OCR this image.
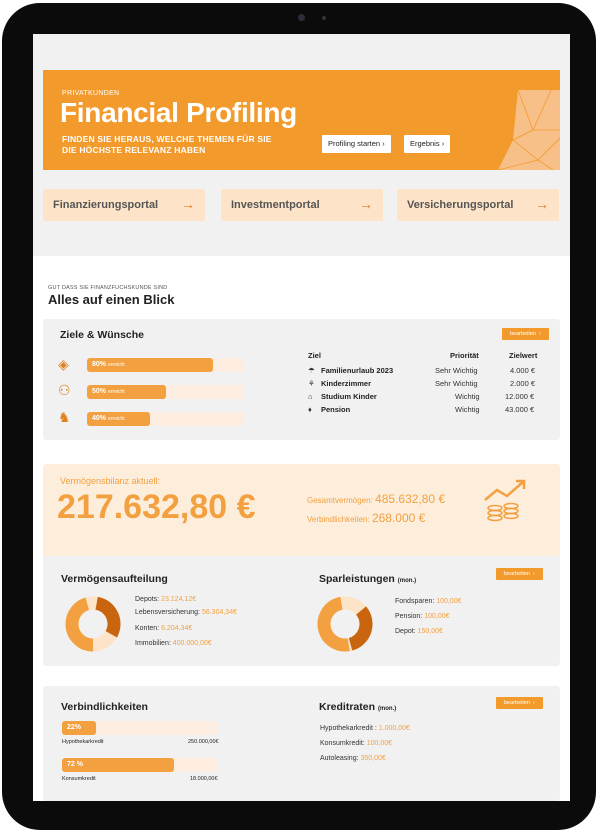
PRIVATKUNDEN
Financial Profiling
FINDEN SIE HERAUS, WELCHE THEMEN FÜR SIE
DIE HÖCHSTE RELEVANZ HABEN
Profiling starten ›	Ergebnis ›
Finanzierungsportal →	Investmentportal	→	Versicherungsportal →
GUT DASS SIE FINANZFUCHSKUNDE SIND
Alles auf einen Blick
Ziele & Wünsche	bearbeiten  ›
◈	80% erreicht
⚇	50% erreicht
♞	40% erreicht
Ziel	Priorität	Zielwert
☂ Familienurlaub 2023	Sehr Wichtig	4.000 €
⚘ Kinderzimmer	Sehr Wichtig	2.000 €
⌂ Studium Kinder	Wichtig	12.000 €
♦ Pension	Wichtig	43.000 €
Vermögensbilanz aktuell:
217.632,80 €	Gesamtvermögen: 485.632,80 €
Verbindlichkeiten: 268.000 €
Vermögensaufteilung
Depots: 23.124,12€
Lebensversicherung: 56.304,34€
Konten: 6.204,34€
Immobilien: 400.000,00€
Sparleistungen (mon.)
bearbeiten  ›
Fondsparen: 100,00€
Pension: 100,00€
Depot: 150,00€
Verbindlichkeiten
22%
Hypothekarkredit	250.000,00€
72 %
Konsumkredit	18.000,00€
Kreditraten (mon.)
bearbeiten  ›
Hypothekarkredit : 1.000,00€
Konsumkredit: 100,00€
Autoleasing: 350,00€
